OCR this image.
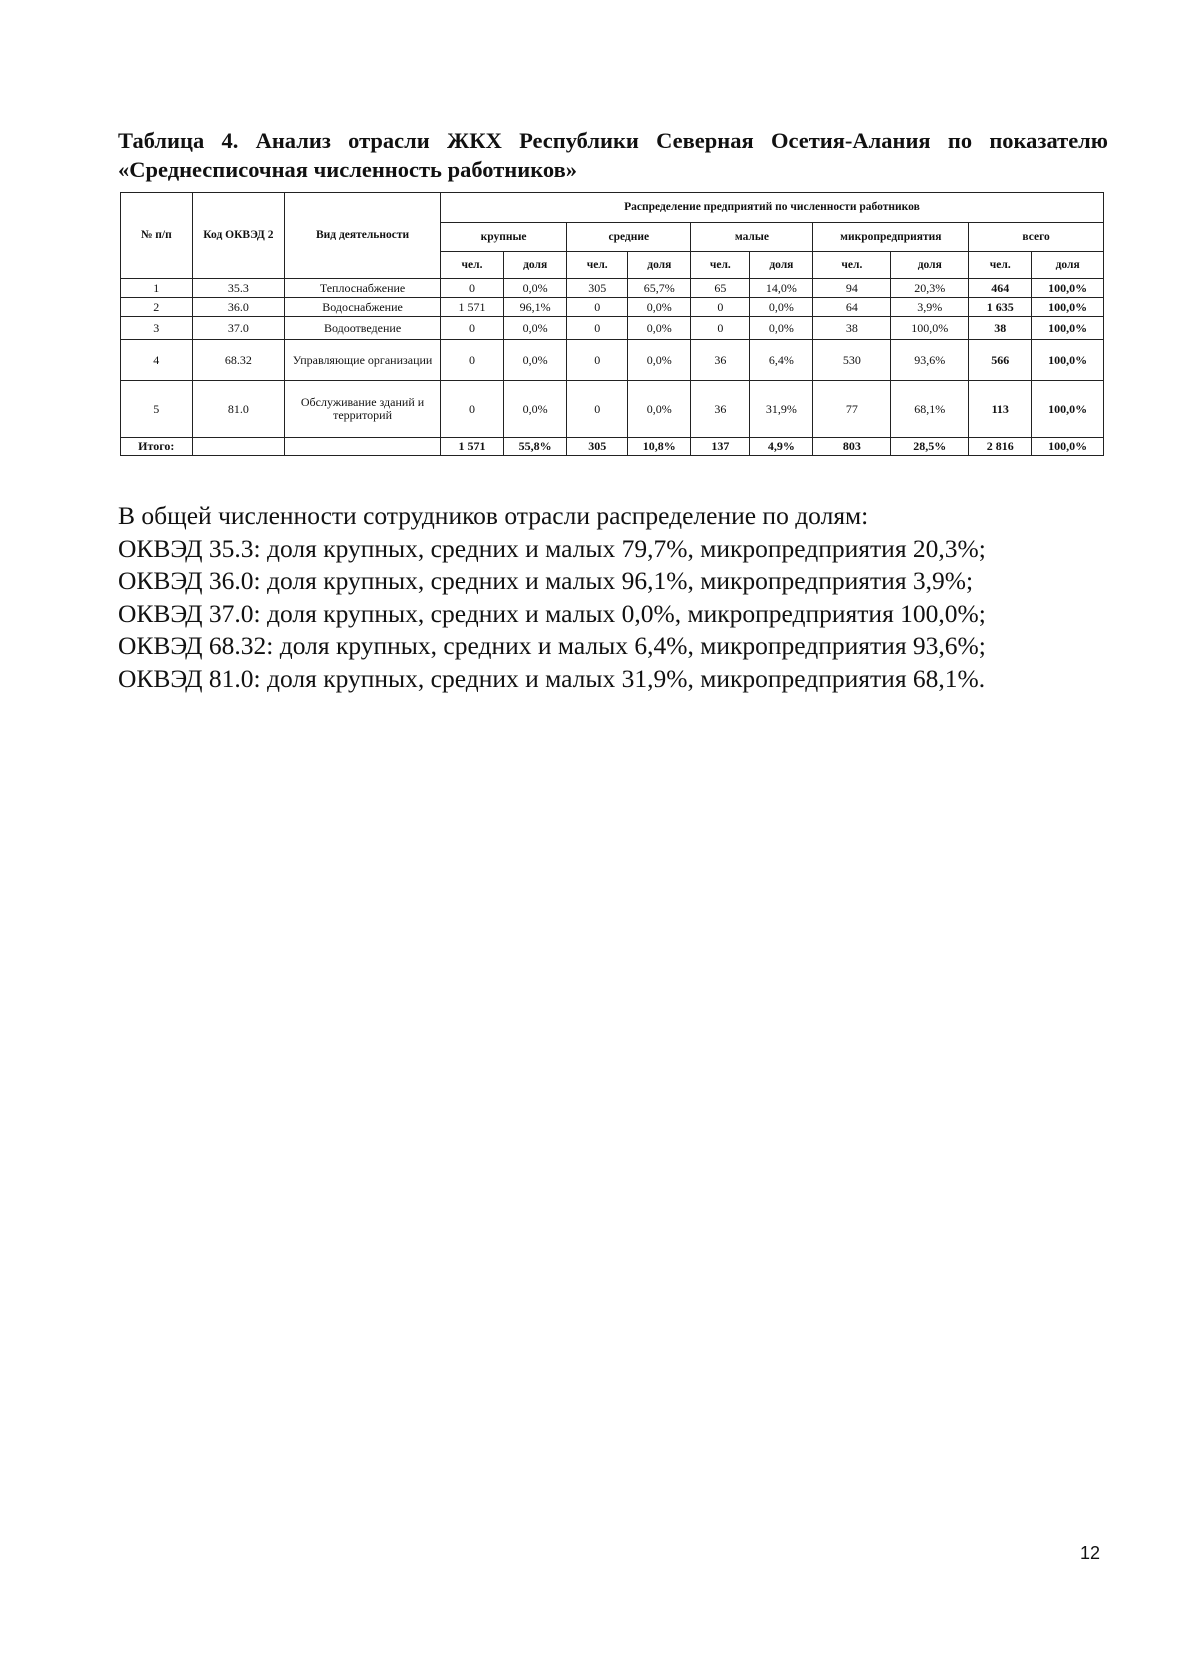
Таблица 4. Анализ отрасли ЖКХ Республики Северная Осетия-Алания по показателю
«Среднесписочная численность работников»
№ п/п	Код ОКВЭД 2	Вид деятельности	Распределение предприятий по численности работников									
			крупные		средние		малые		микропредприятия		всего	
			чел.	доля	чел.	доля	чел.	доля	чел.	доля	чел.	доля
1	35.3	Теплоснабжение	0	0,0%	305	65,7%	65	14,0%	94	20,3%	464	100,0%
2	36.0	Водоснабжение	1 571	96,1%	0	0,0%	0	0,0%	64	3,9%	1 635	100,0%
3	37.0	Водоотведение	0	0,0%	0	0,0%	0	0,0%	38	100,0%	38	100,0%
4	68.32	Управляющие организации	0	0,0%	0	0,0%	36	6,4%	530	93,6%	566	100,0%
5	81.0	Обслуживание зданий и территорий	0	0,0%	0	0,0%	36	31,9%	77	68,1%	113	100,0%
Итого:			1 571	55,8%	305	10,8%	137	4,9%	803	28,5%	2 816	100,0%
В общей численности сотрудников отрасли распределение по долям:
ОКВЭД 35.3: доля крупных, средних и малых 79,7%, микропредприятия 20,3%;
ОКВЭД 36.0: доля крупных, средних и малых 96,1%, микропредприятия 3,9%;
ОКВЭД 37.0: доля крупных, средних и малых 0,0%, микропредприятия 100,0%;
ОКВЭД 68.32: доля крупных, средних и малых 6,4%, микропредприятия 93,6%;
ОКВЭД 81.0: доля крупных, средних и малых 31,9%, микропредприятия 68,1%.
12
